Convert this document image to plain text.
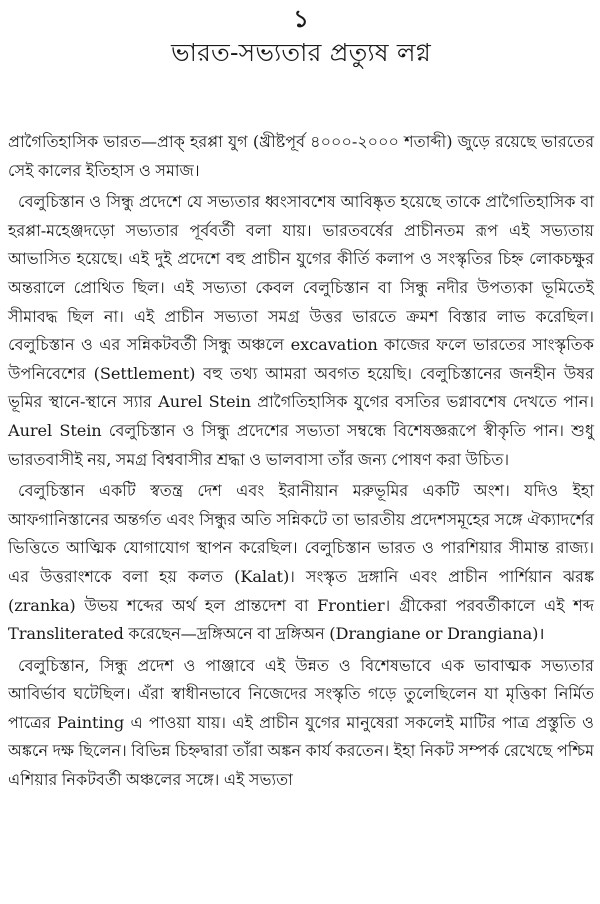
১
ভারত-সভ্যতার প্রত্যুষ লগ্ন

প্রাগৈতিহাসিক ভারত—প্রাক্ হরপ্পা যুগ (খ্রীষ্টপূর্ব ৪০০০-২০০০ শতাব্দী) জুড়ে রয়েছে ভারতের সেই কালের ইতিহাস ও সমাজ।

বেলুচিস্তান ও সিন্ধু প্রদেশে যে সভ্যতার ধ্বংসাবশেষ আবিষ্কৃত হয়েছে তাকে প্রাগৈতিহাসিক বা হরপ্পা-মহেঞ্জদড়ো সভ্যতার পূর্ববর্তী বলা যায়। ভারতবর্ষের প্রাচীনতম রূপ এই সভ্যতায় আভাসিত হয়েছে। এই দুই প্রদেশে বহু প্রাচীন যুগের কীর্তি কলাপ ও সংস্কৃতির চিহ্ন লোকচক্ষুর অন্তরালে প্রোথিত ছিল। এই সভ্যতা কেবল বেলুচিস্তান বা সিন্ধু নদীর উপত্যকা ভূমিতেই সীমাবদ্ধ ছিল না। এই প্রাচীন সভ্যতা সমগ্র উত্তর ভারতে ক্রমশ বিস্তার লাভ করেছিল। বেলুচিস্তান ও এর সন্নিকটবর্তী সিন্ধু অঞ্চলে excavation কাজের ফলে ভারতের সাংস্কৃতিক উপনিবেশের (Settlement) বহু তথ্য আমরা অবগত হয়েছি। বেলুচিস্তানের জনহীন উষর ভূমির স্থানে-স্থানে স্যার Aurel Stein প্রাগৈতিহাসিক যুগের বসতির ভগ্নাবশেষ দেখতে পান। Aurel Stein বেলুচিস্তান ও সিন্ধু প্রদেশের সভ্যতা সম্বন্ধে বিশেষজ্ঞরূপে স্বীকৃতি পান। শুধু ভারতবাসীই নয়, সমগ্র বিশ্ববাসীর শ্রদ্ধা ও ভালবাসা তাঁর জন্য পোষণ করা উচিত।

বেলুচিস্তান একটি স্বতন্ত্র দেশ এবং ইরানীয়ান মরুভূমির একটি অংশ। যদিও ইহা আফগানিস্তানের অন্তর্গত এবং সিন্ধুর অতি সন্নিকটে তা ভারতীয় প্রদেশসমূহের সঙ্গে ঐক্যাদর্শের ভিত্তিতে আত্মিক যোগাযোগ স্থাপন করেছিল। বেলুচিস্তান ভারত ও পারশিয়ার সীমান্ত রাজ্য। এর উত্তরাংশকে বলা হয় কলত (Kalat)। সংস্কৃত দ্রঙ্গানি এবং প্রাচীন পার্শিয়ান ঝরঙ্ক (zranka) উভয় শব্দের অর্থ হল প্রান্তদেশ বা Frontier। গ্রীকেরা পরবর্তীকালে এই শব্দ Transliterated করেছেন—দ্রঙ্গিঅনে বা দ্রঙ্গিঅন (Drangiane or Drangiana)।

বেলুচিস্তান, সিন্ধু প্রদেশ ও পাঞ্জাবে এই উন্নত ও বিশেষভাবে এক ভাবাত্মক সভ্যতার আবির্ভাব ঘটেছিল। এঁরা স্বাধীনভাবে নিজেদের সংস্কৃতি গড়ে তুলেছিলেন যা মৃত্তিকা নির্মিত পাত্রের Painting এ পাওয়া যায়। এই প্রাচীন যুগের মানুষেরা সকলেই মাটির পাত্র প্রস্তুতি ও অঙ্কনে দক্ষ ছিলেন। বিভিন্ন চিহ্নদ্বারা তাঁরা অঙ্কন কার্য করতেন। ইহা নিকট সম্পর্ক রেখেছে পশ্চিম এশিয়ার নিকটবর্তী অঞ্চলের সঙ্গে। এই সভ্যতা
